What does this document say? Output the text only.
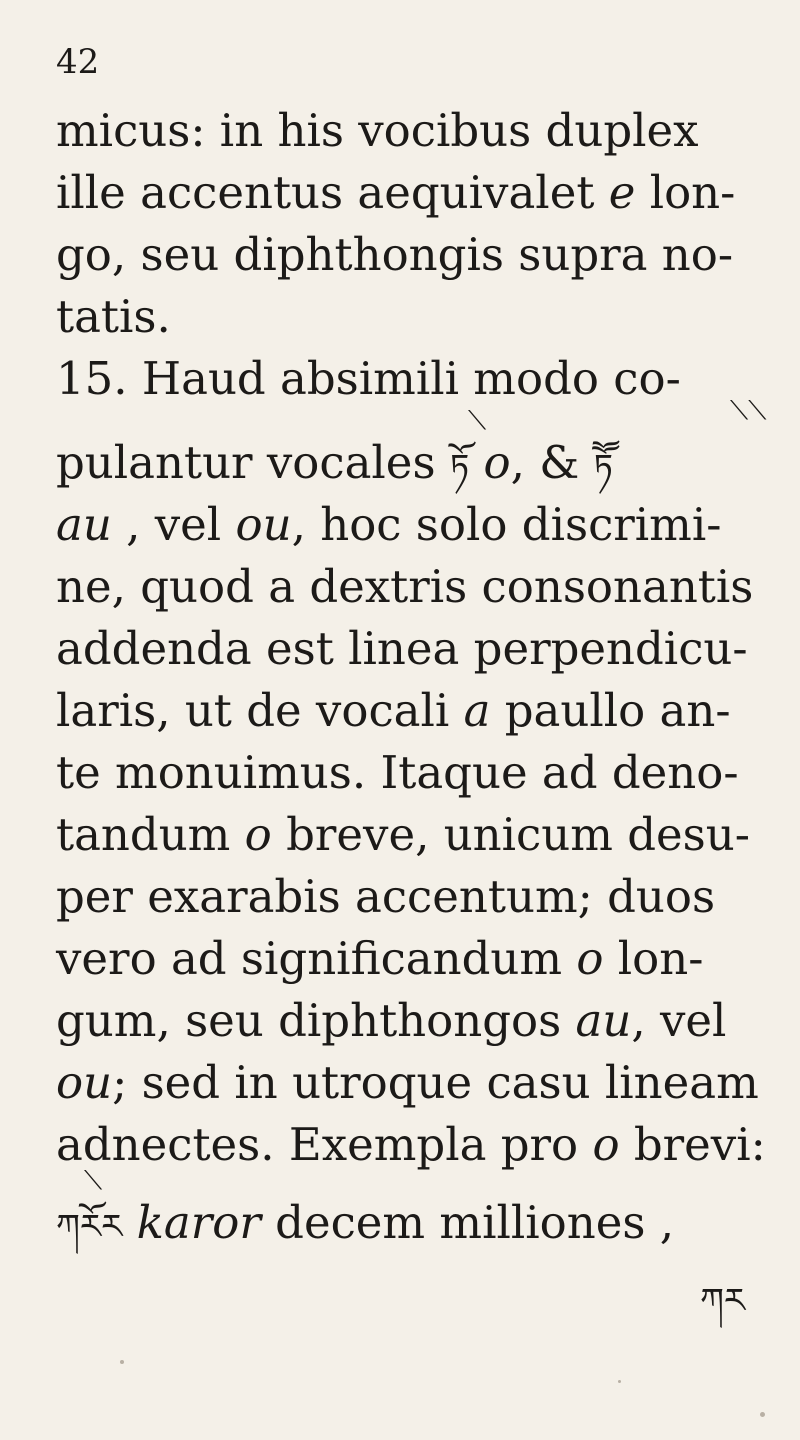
42
micus: in his vocibus duplex
ille accentus aequivalet e lon-
go, seu diphthongis supra no-
tatis.
15. Haud absimili modo co-
⟍	⟍⟍
pulantur vocales ཏོ o, & ཏཽ
au , vel ou, hoc solo discrimi-
ne, quod a dextris consonantis
addenda est linea perpendicu-
laris, ut de vocali a paullo an-
te monuimus. Itaque ad deno-
tandum o breve, unicum desu-
per exarabis accentum; duos
vero ad significandum o lon-
gum, seu diphthongos au, vel
ou; sed in utroque casu lineam
adnectes. Exempla pro o brevi:
⟍
ཀརོར karor decem milliones ,
ཀར
